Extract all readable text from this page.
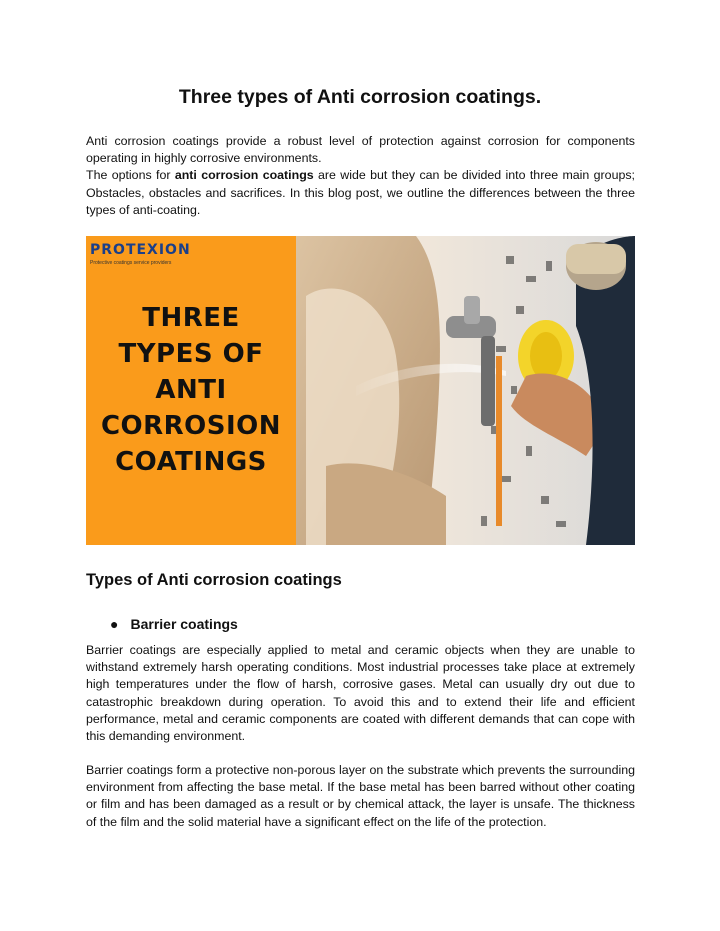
Three types of Anti corrosion coatings.

Anti corrosion coatings provide a robust level of protection against corrosion for components operating in highly corrosive environments.
The options for anti corrosion coatings are wide but they can be divided into three main groups; Obstacles, obstacles and sacrifices. In this blog post, we outline the differences between the three types of anti-coating.

PROTEXION
Protective coatings service providers
THREE
TYPES OF
ANTI
CORROSION
COATINGS
Types of Anti corrosion coatings
● Barrier coatings

Barrier coatings are especially applied to metal and ceramic objects when they are unable to withstand extremely harsh operating conditions. Most industrial processes take place at extremely high temperatures under the flow of harsh, corrosive gases. Metal can usually dry out due to catastrophic breakdown during operation. To avoid this and to extend their life and efficient performance, metal and ceramic components are coated with different demands that can cope with this demanding environment.

Barrier coatings form a protective non-porous layer on the substrate which prevents the surrounding environment from affecting the base metal. If the base metal has been barred without other coating or film and has been damaged as a result or by chemical attack, the layer is unsafe. The thickness of the film and the solid material have a significant effect on the life of the protection.
